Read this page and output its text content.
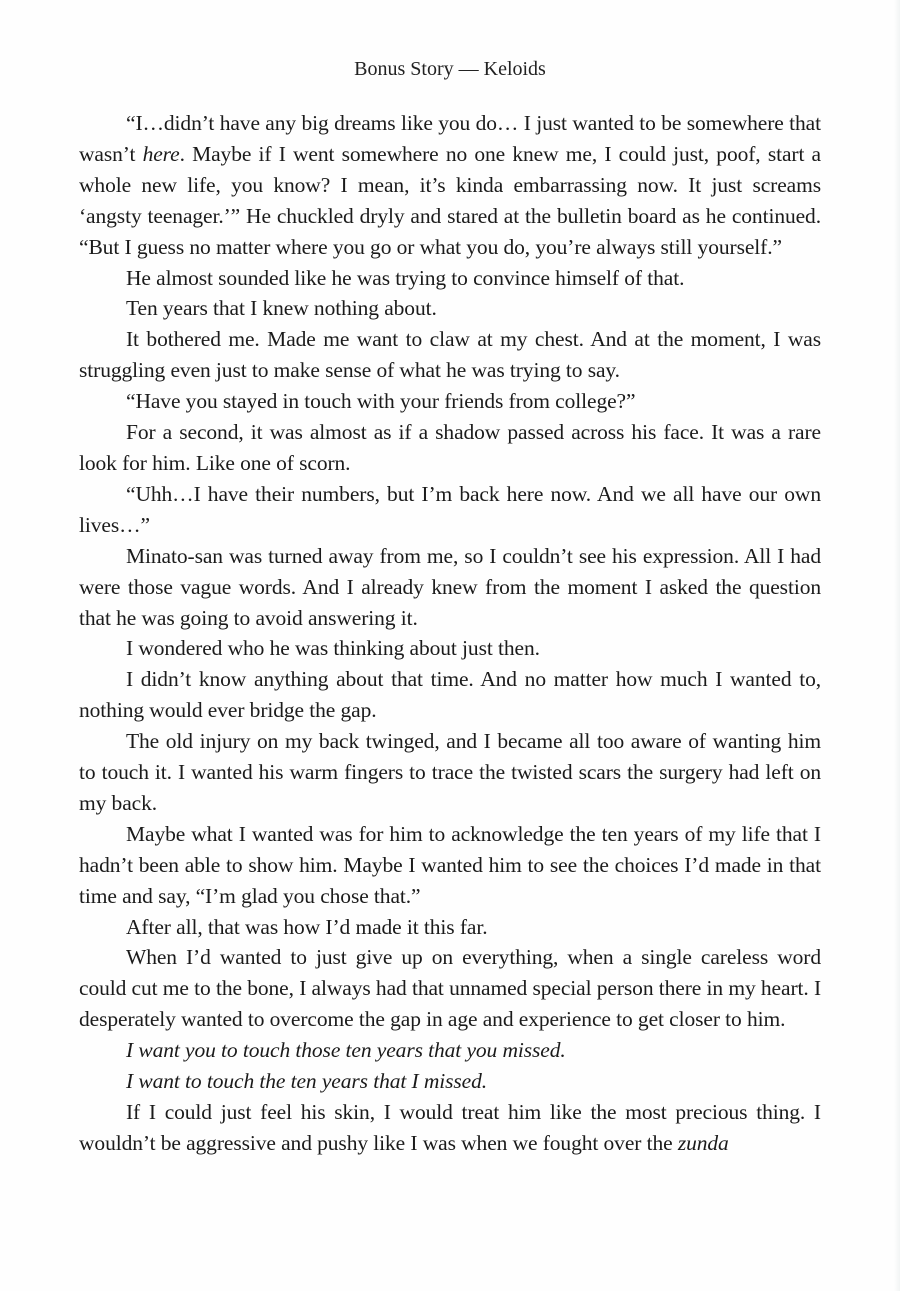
Bonus Story — Keloids

“I…didn’t have any big dreams like you do… I just wanted to be somewhere that wasn’t here. Maybe if I went somewhere no one knew me, I could just, poof, start a whole new life, you know? I mean, it’s kinda embarrassing now. It just screams ‘angsty teenager.’” He chuckled dryly and stared at the bulletin board as he continued. “But I guess no matter where you go or what you do, you’re always still yourself.”

He almost sounded like he was trying to convince himself of that.

Ten years that I knew nothing about.

It bothered me. Made me want to claw at my chest. And at the moment, I was struggling even just to make sense of what he was trying to say.

“Have you stayed in touch with your friends from college?”

For a second, it was almost as if a shadow passed across his face. It was a rare look for him. Like one of scorn.

“Uhh…I have their numbers, but I’m back here now. And we all have our own lives…”

Minato-san was turned away from me, so I couldn’t see his expression. All I had were those vague words. And I already knew from the moment I asked the question that he was going to avoid answering it.

I wondered who he was thinking about just then.

I didn’t know anything about that time. And no matter how much I wanted to, nothing would ever bridge the gap.

The old injury on my back twinged, and I became all too aware of wanting him to touch it. I wanted his warm fingers to trace the twisted scars the surgery had left on my back.

Maybe what I wanted was for him to acknowledge the ten years of my life that I hadn’t been able to show him. Maybe I wanted him to see the choices I’d made in that time and say, “I’m glad you chose that.”

After all, that was how I’d made it this far.

When I’d wanted to just give up on everything, when a single careless word could cut me to the bone, I always had that unnamed special person there in my heart. I desperately wanted to overcome the gap in age and experience to get closer to him.

I want you to touch those ten years that you missed.

I want to touch the ten years that I missed.

If I could just feel his skin, I would treat him like the most precious thing. I wouldn’t be aggressive and pushy like I was when we fought over the zunda
